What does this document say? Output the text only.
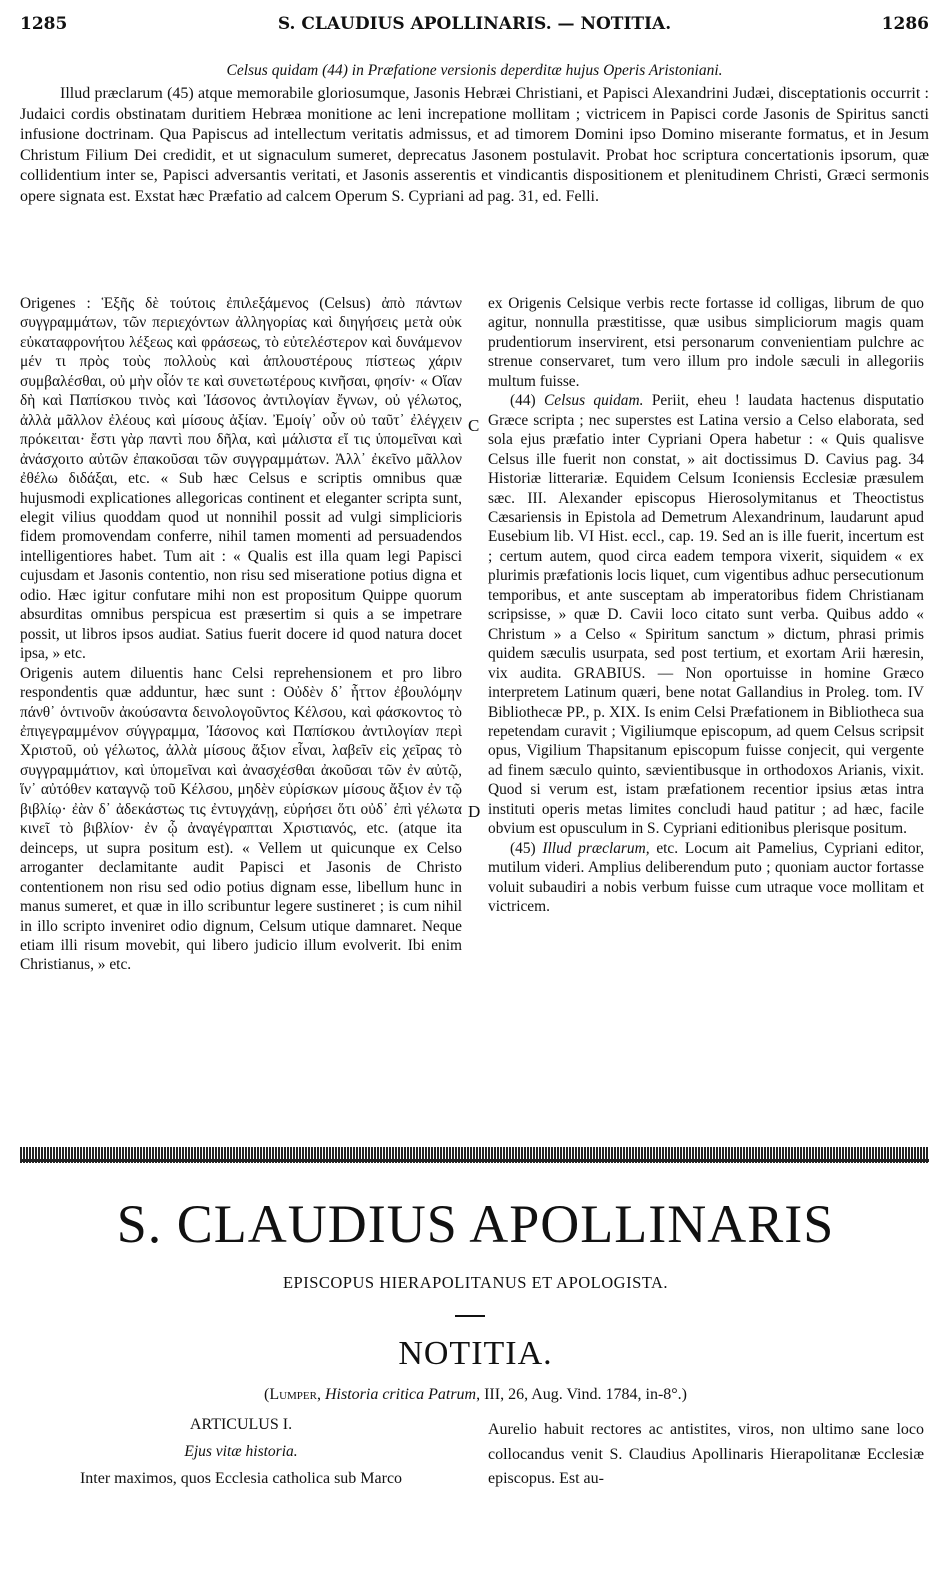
1285	S. CLAUDIUS APOLLINARIS. — NOTITIA.	1286
Celsus quidam (44) in Præfatione versionis deperditæ hujus Operis Aristoniani.

Illud præclarum (45) atque memorabile gloriosumque, Jasonis Hebræi Christiani, et Papisci Alexandrini Judæi, disceptationis occurrit : Judaici cordis obstinatam duritiem Hebræa monitione ac leni increpatione mollitam ; victricem in Papisci corde Jasonis de Spiritus sancti infusione doctrinam. Qua Papiscus ad intellectum veritatis admissus, et ad timorem Domini ipso Domino miserante formatus, et in Jesum Christum Filium Dei credidit, et ut signaculum sumeret, deprecatus Jasonem postulavit. Probat hoc scriptura concertationis ipsorum, quæ collidentium inter se, Papisci adversantis veritati, et Jasonis asserentis et vindicantis dispositionem et plenitudinem Christi, Græci sermonis opere signata est. Exstat hæc Præfatio ad calcem Operum S. Cypriani ad pag. 31, ed. Felli.

Origenes : Ἑξῆς δὲ τούτοις ἐπιλεξάμενος (Celsus) ἀπὸ πάντων συγγραμμάτων, τῶν περιεχόντων ἀλληγορίας καὶ διηγήσεις μετὰ οὐκ εὐκαταφρονήτου λέξεως καὶ φράσεως, τὸ εὐτελέστερον καὶ δυνάμενον μέν τι πρὸς τοὺς πολλοὺς καὶ ἁπλουστέρους πίστεως χάριν συμβαλέσθαι, οὐ μὴν οἷόν τε καὶ συνετωτέρους κινῆσαι, φησίν· « Οἵαν δὴ καὶ Παπίσκου τινὸς καὶ Ἰάσονος ἀντιλογίαν ἔγνων, οὐ γέλωτος, ἀλλὰ μᾶλλον ἐλέους καὶ μίσους ἀξίαν. Ἐμοίγ᾽ οὖν οὐ ταῦτ᾽ ἐλέγχειν πρόκειται· ἔστι γὰρ παντὶ που δῆλα, καὶ μάλιστα εἴ τις ὑπομεῖναι καὶ ἀνάσχοιτο αὐτῶν ἐπακοῦσαι τῶν συγγραμμάτων. Ἀλλ᾽ ἐκεῖνο μᾶλλον ἐθέλω διδάξαι, etc. « Sub hæc Celsus e scriptis omnibus quæ hujusmodi explicationes allegoricas continent et eleganter scripta sunt, elegit vilius quoddam quod ut nonnihil possit ad vulgi simplicioris fidem promovendam conferre, nihil tamen momenti ad persuadendos intelligentiores habet. Tum ait : « Qualis est illa quam legi Papisci cujusdam et Jasonis contentio, non risu sed miseratione potius digna et odio. Hæc igitur confutare mihi non est propositum Quippe quorum absurditas omnibus perspicua est præsertim si quis a se impetrare possit, ut libros ipsos audiat. Satius fuerit docere id quod natura docet ipsa, » etc.

Origenis autem diluentis hanc Celsi reprehensionem et pro libro respondentis quæ adduntur, hæc sunt : Οὐδὲν δ᾽ ἧττον ἐβουλόμην πάνθ᾽ ὁντινοῦν ἀκούσαντα δεινολογοῦντος Κέλσου, καὶ φάσκοντος τὸ ἐπιγεγραμμένον σύγγραμμα, Ἰάσονος καὶ Παπίσκου ἀντιλογίαν περὶ Χριστοῦ, οὐ γέλωτος, ἀλλὰ μίσους ἄξιον εἶναι, λαβεῖν εἰς χεῖρας τὸ συγγραμμάτιον, καὶ ὑπομεῖναι καὶ ἀνασχέσθαι ἀκοῦσαι τῶν ἐν αὐτῷ, ἵν᾽ αὐτόθεν καταγνῷ τοῦ Κέλσου, μηδὲν εὑρίσκων μίσους ἄξιον ἐν τῷ βιβλίῳ· ἐὰν δ᾽ ἀδεκάστως τις ἐντυγχάνῃ, εὑρήσει ὅτι οὐδ᾽ ἐπὶ γέλωτα κινεῖ τὸ βιβλίον· ἐν ᾧ ἀναγέγραπται Χριστιανός, etc. (atque ita deinceps, ut supra positum est). « Vellem ut quicunque ex Celso arroganter declamitante audit Papisci et Jasonis de Christo contentionem non risu sed odio potius dignam esse, libellum hunc in manus sumeret, et quæ in illo scribuntur legere sustineret ; is cum nihil in illo scripto inveniret odio dignum, Celsum utique damnaret. Neque etiam illi risum movebit, qui libero judicio illum evolverit. Ibi enim Christianus, » etc.

C
D

ex Origenis Celsique verbis recte fortasse id colligas, librum de quo agitur, nonnulla præstitisse, quæ usibus simpliciorum magis quam prudentiorum inservirent, etsi personarum convenientiam pulchre ac strenue conservaret, tum vero illum pro indole sæculi in allegoriis multum fuisse.

(44) Celsus quidam. Periit, eheu ! laudata hactenus disputatio Græce scripta ; nec superstes est Latina versio a Celso elaborata, sed sola ejus præfatio inter Cypriani Opera habetur : « Quis qualisve Celsus ille fuerit non constat, » ait doctissimus D. Cavius pag. 34 Historiæ litterariæ. Equidem Celsum Iconiensis Ecclesiæ præsulem sæc. III. Alexander episcopus Hierosolymitanus et Theoctistus Cæsariensis in Epistola ad Demetrum Alexandrinum, laudarunt apud Eusebium lib. VI Hist. eccl., cap. 19. Sed an is ille fuerit, incertum est ; certum autem, quod circa eadem tempora vixerit, siquidem « ex plurimis præfationis locis liquet, cum vigentibus adhuc persecutionum temporibus, et ante susceptam ab imperatoribus fidem Christianam scripsisse, » quæ D. Cavii loco citato sunt verba. Quibus addo « Christum » a Celso « Spiritum sanctum » dictum, phrasi primis quidem sæculis usurpata, sed post tertium, et exortam Arii hæresin, vix audita. GRABIUS. — Non oportuisse in homine Græco interpretem Latinum quæri, bene notat Gallandius in Proleg. tom. IV Bibliothecæ PP., p. XIX. Is enim Celsi Præfationem in Bibliotheca sua repetendam curavit ; Vigiliumque episcopum, ad quem Celsus scripsit opus, Vigilium Thapsitanum episcopum fuisse conjecit, qui vergente ad finem sæculo quinto, sævientibusque in orthodoxos Arianis, vixit. Quod si verum est, istam præfationem recentior ipsius ætas intra instituti operis metas limites concludi haud patitur ; ad hæc, facile obvium est opusculum in S. Cypriani editionibus plerisque positum.

(45) Illud præclarum, etc. Locum ait Pamelius, Cypriani editor, mutilum videri. Amplius deliberendum puto ; quoniam auctor fortasse voluit subaudiri a nobis verbum fuisse cum utraque voce mollitam et victricem.

S. CLAUDIUS APOLLINARIS
EPISCOPUS HIERAPOLITANUS ET APOLOGISTA.
NOTITIA.
(Lumper, Historia critica Patrum, III, 26, Aug. Vind. 1784, in-8°.)
ARTICULUS I.
Ejus vitæ historia.
Inter maximos, quos Ecclesia catholica sub Marco

Aurelio habuit rectores ac antistites, viros, non ultimo sane loco collocandus venit S. Claudius Apollinaris Hierapolitanæ Ecclesiæ episcopus. Est au-
